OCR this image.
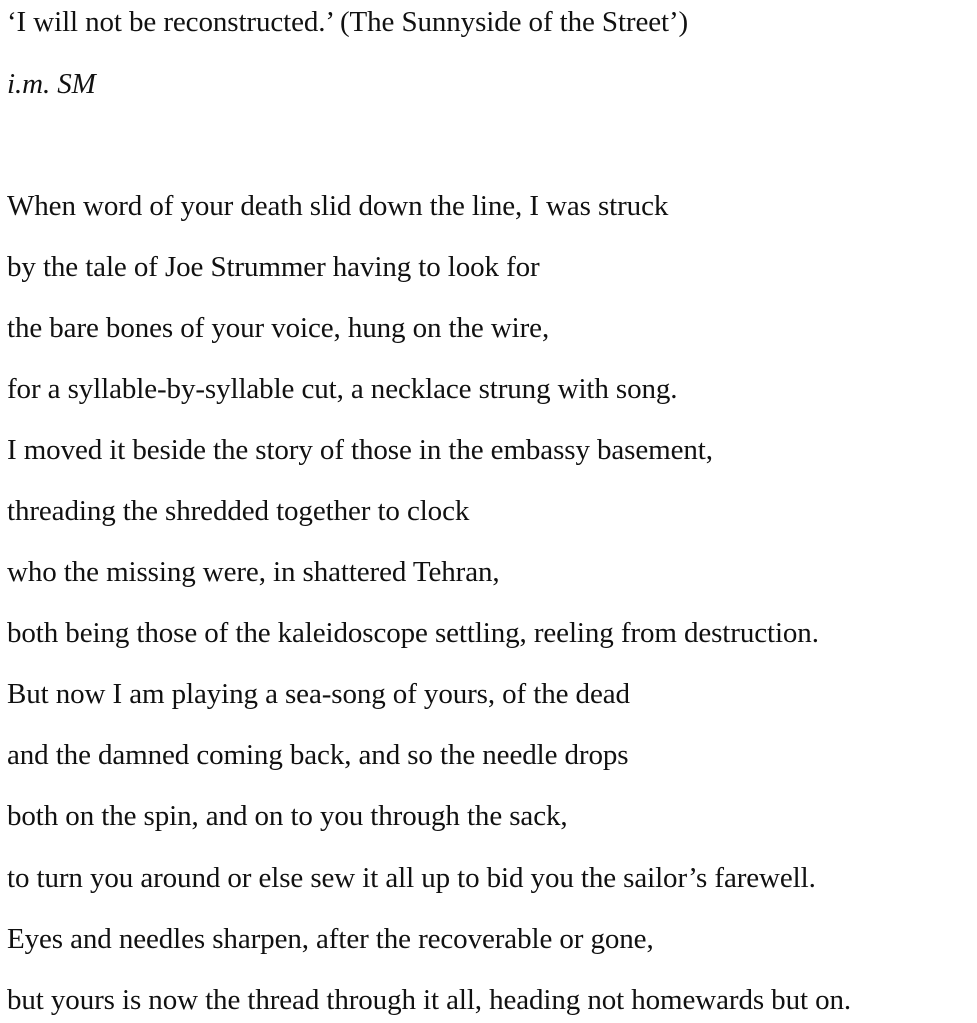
‘I will not be reconstructed.’ (The Sunnyside of the Street’)
i.m. SM
When word of your death slid down the line, I was struck
by the tale of Joe Strummer having to look for
the bare bones of your voice, hung on the wire,
for a syllable-by-syllable cut, a necklace strung with song.
I moved it beside the story of those in the embassy basement,
threading the shredded together to clock
who the missing were, in shattered Tehran,
both being those of the kaleidoscope settling, reeling from destruction.
But now I am playing a sea-song of yours, of the dead
and the damned coming back, and so the needle drops
both on the spin, and on to you through the sack,
to turn you around or else sew it all up to bid you the sailor’s farewell.
Eyes and needles sharpen, after the recoverable or gone,
but yours is now the thread through it all, heading not homewards but on.
